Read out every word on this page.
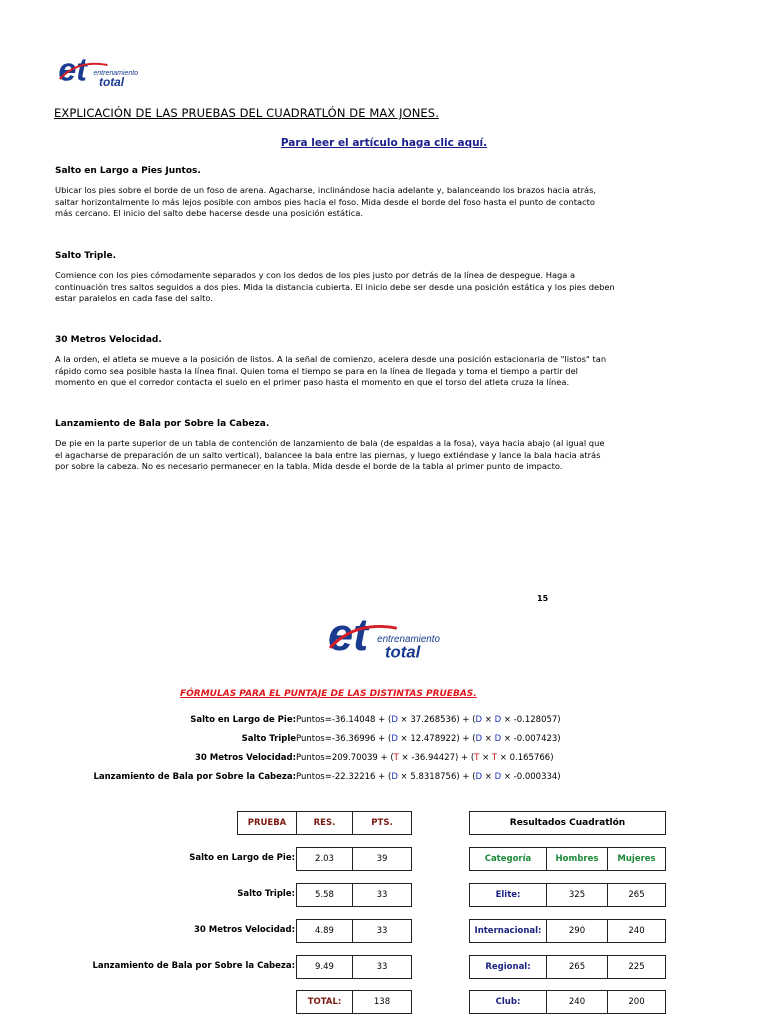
et entrenamiento
total
EXPLICACIÓN DE LAS PRUEBAS DEL CUADRATLÓN DE MAX JONES.
Para leer el artículo haga clic aquí.
Salto en Largo a Pies Juntos.

Ubicar los pies sobre el borde de un foso de arena. Agacharse, inclinándose hacia adelante y, balanceando los brazos hacia atrás,
saltar horizontalmente lo más lejos posible con ambos pies hacia el foso. Mida desde el borde del foso hasta el punto de contacto
más cercano. El inicio del salto debe hacerse desde una posición estática.

Salto Triple.

Comience con los pies cómodamente separados y con los dedos de los pies justo por detrás de la línea de despegue. Haga a
continuación tres saltos seguidos a dos pies. Mida la distancia cubierta. El inicio debe ser desde una posición estática y los pies deben
estar paralelos en cada fase del salto.

30 Metros Velocidad.

A la orden, el atleta se mueve a la posición de listos. A la señal de comienzo, acelera desde una posición estacionaria de "listos" tan
rápido como sea posible hasta la línea final. Quien toma el tiempo se para en la línea de llegada y toma el tiempo a partir del
momento en que el corredor contacta el suelo en el primer paso hasta el momento en que el torso del atleta cruza la línea.

Lanzamiento de Bala por Sobre la Cabeza.

De pie en la parte superior de un tabla de contención de lanzamiento de bala (de espaldas a la fosa), vaya hacia abajo (al igual que
el agacharse de preparación de un salto vertical), balancee la bala entre las piernas, y luego extiéndase y lance la bala hacia atrás
por sobre la cabeza. No es necesario permanecer en la tabla. Mida desde el borde de la tabla al primer punto de impacto.

15
et entrenamiento
total
FÓRMULAS PARA EL PUNTAJE DE LAS DISTINTAS PRUEBAS.
Salto en Largo de Pie: Puntos=-36.14048 + (D × 37.268536) + (D × D × -0.128057)
Salto Triple Puntos=-36.36996 + (D × 12.478922) + (D × D × -0.007423)
30 Metros Velocidad: Puntos=209.70039 + (T × -36.94427) + (T × T × 0.165766)
Lanzamiento de Bala por Sobre la Cabeza: Puntos=-22.32216 + (D × 5.8318756) + (D × D × -0.000334)
PRUEBA	RES.	PTS.
Salto en Largo de Pie:	2.03	39
Salto Triple:	5.58	33
30 Metros Velocidad:	4.89	33
Lanzamiento de Bala por Sobre la Cabeza:	9.49	33
TOTAL:	138
Resultados Cuadratlón
Categoría	Hombres	Mujeres
Elite:	325	265
Internacional:	290	240
Regional:	265	225
Club:	240	200
